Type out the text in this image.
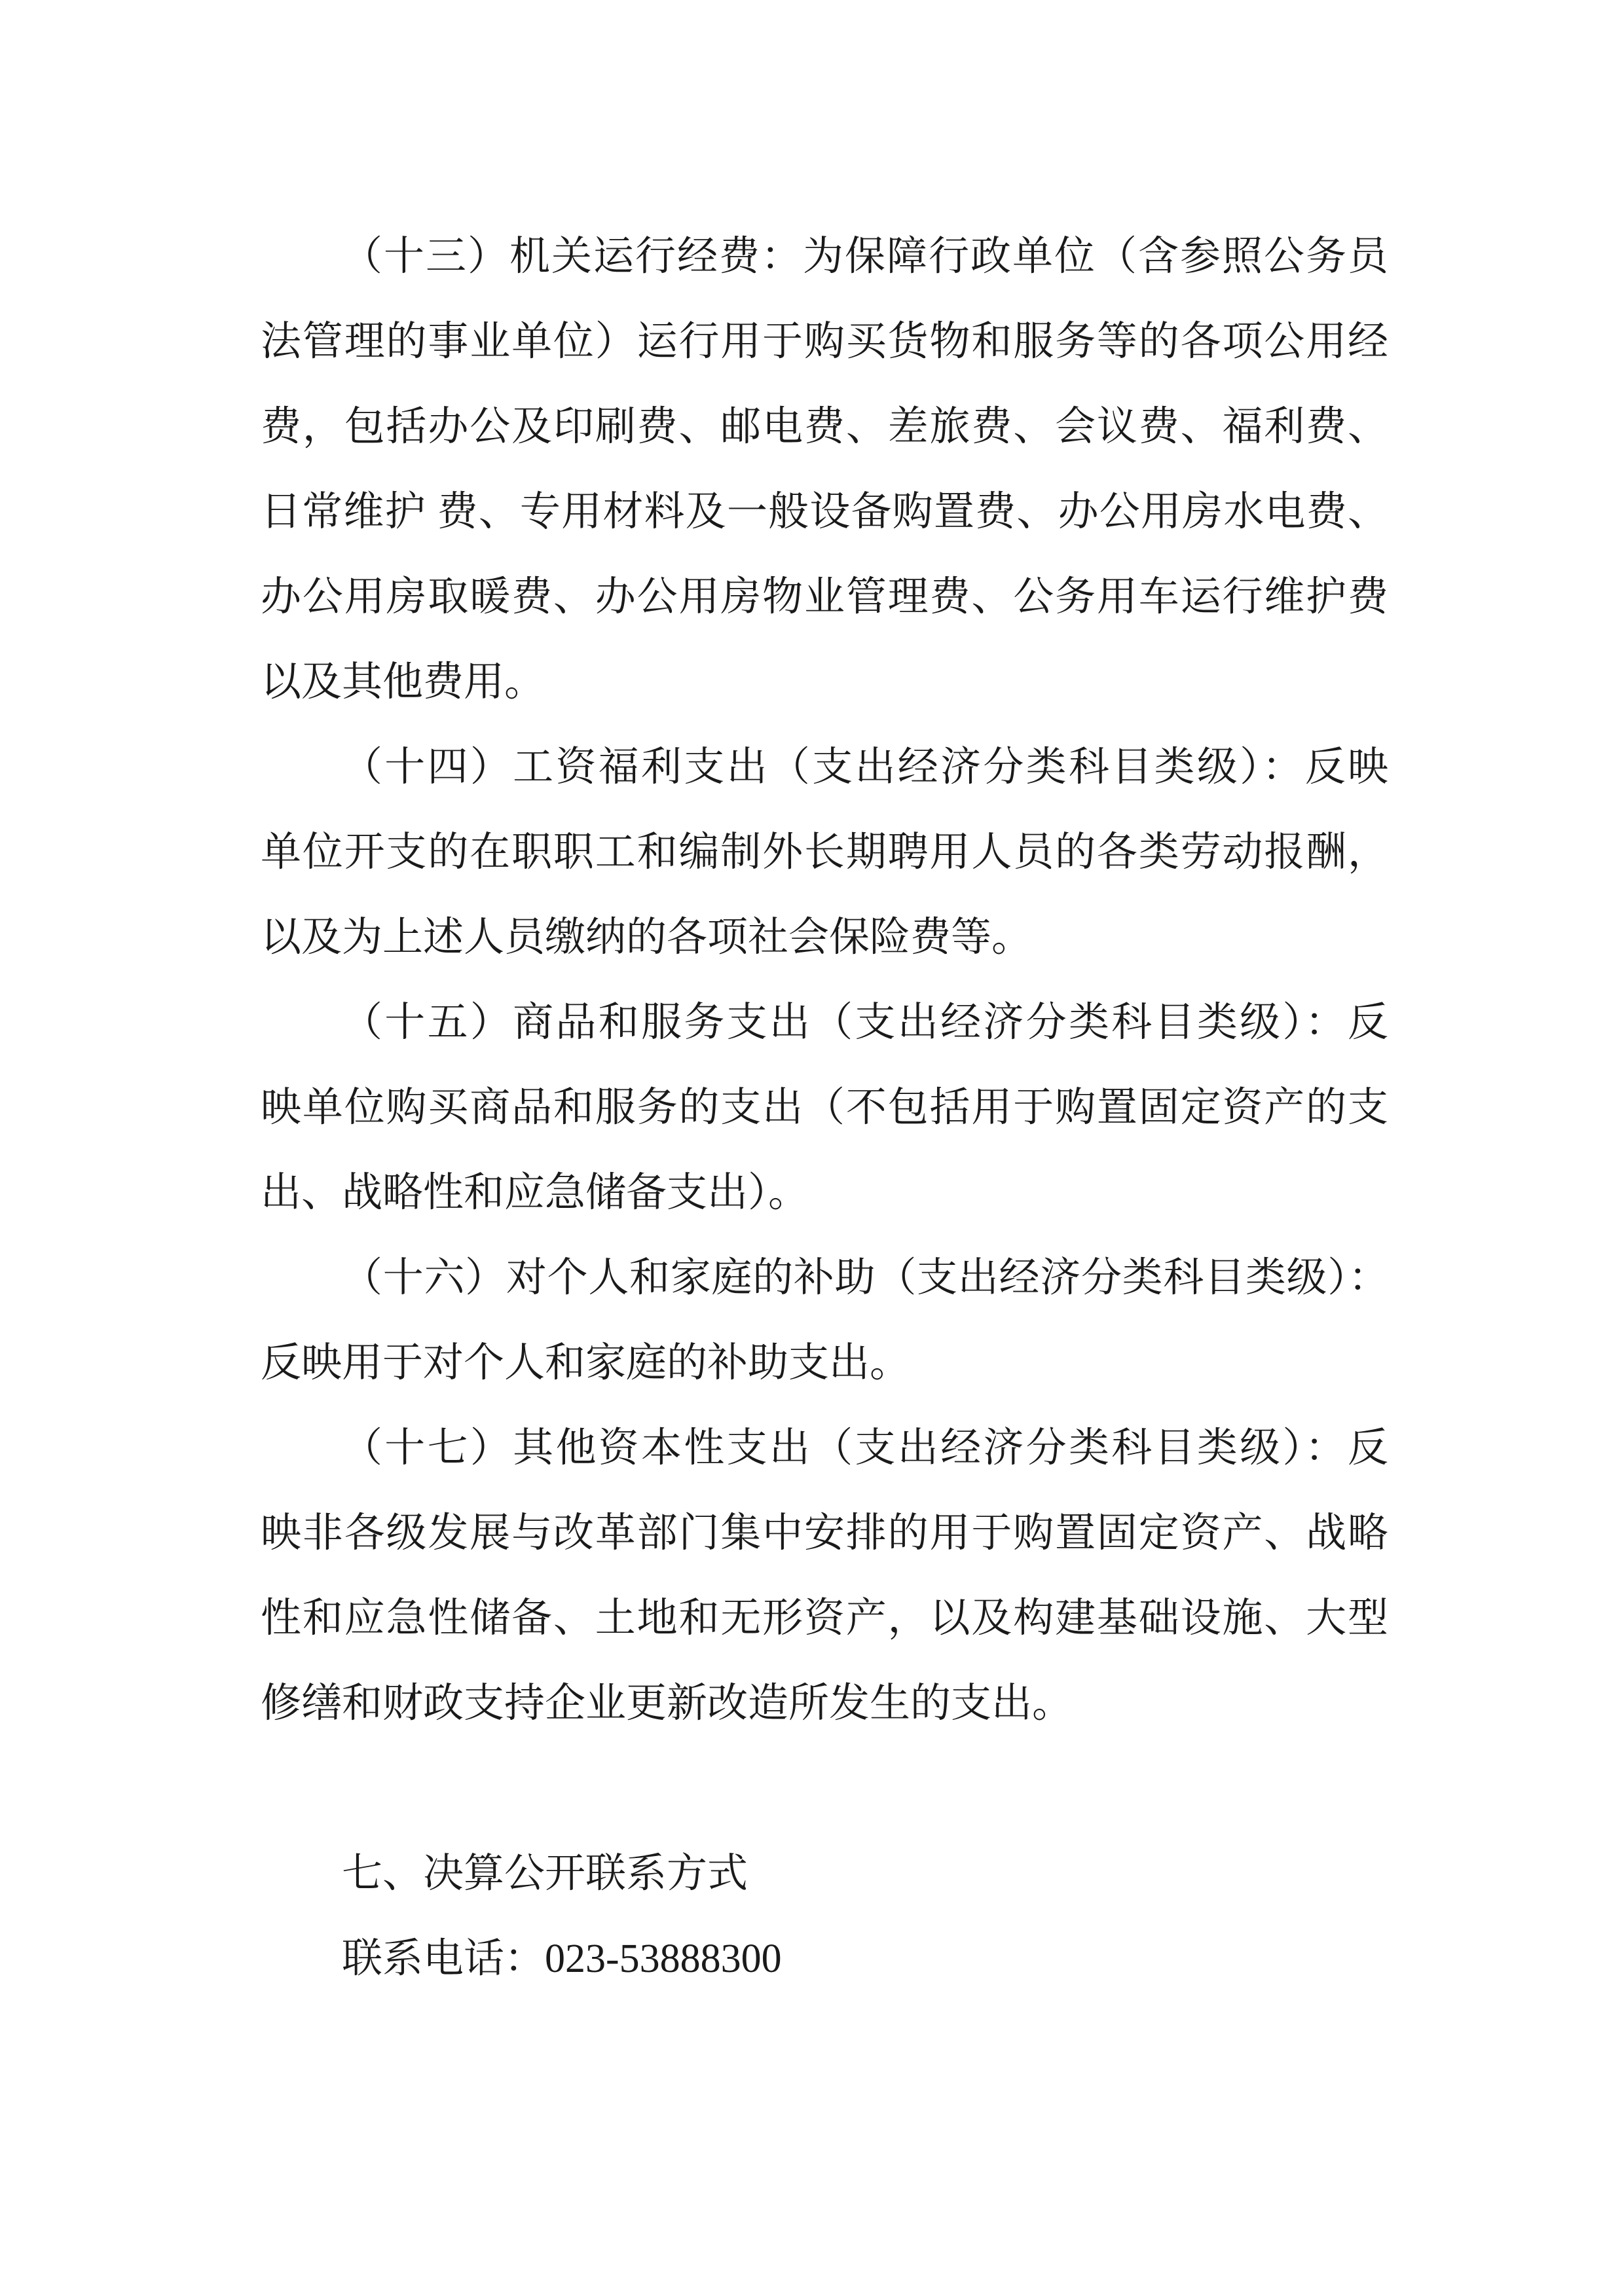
（十三）机关运行经费：为保障行政单位（含参照公务员
法管理的事业单位）运行用于购买货物和服务等的各项公用经
费，包括办公及印刷费、邮电费、差旅费、会议费、福利费、
日常维护 费、专用材料及一般设备购置费、办公用房水电费、
办公用房取暖费、办公用房物业管理费、公务用车运行维护费
以及其他费用。

（十四）工资福利支出（支出经济分类科目类级）：反映
单位开支的在职职工和编制外长期聘用人员的各类劳动报酬，
以及为上述人员缴纳的各项社会保险费等。

（十五）商品和服务支出（支出经济分类科目类级）：反
映单位购买商品和服务的支出（不包括用于购置固定资产的支
出、战略性和应急储备支出）。

（十六）对个人和家庭的补助（支出经济分类科目类级）：
反映用于对个人和家庭的补助支出。

（十七）其他资本性支出（支出经济分类科目类级）：反
映非各级发展与改革部门集中安排的用于购置固定资产、战略
性和应急性储备、土地和无形资产，以及构建基础设施、大型
修缮和财政支持企业更新改造所发生的支出。

七、决算公开联系方式
联系电话：023-53888300
